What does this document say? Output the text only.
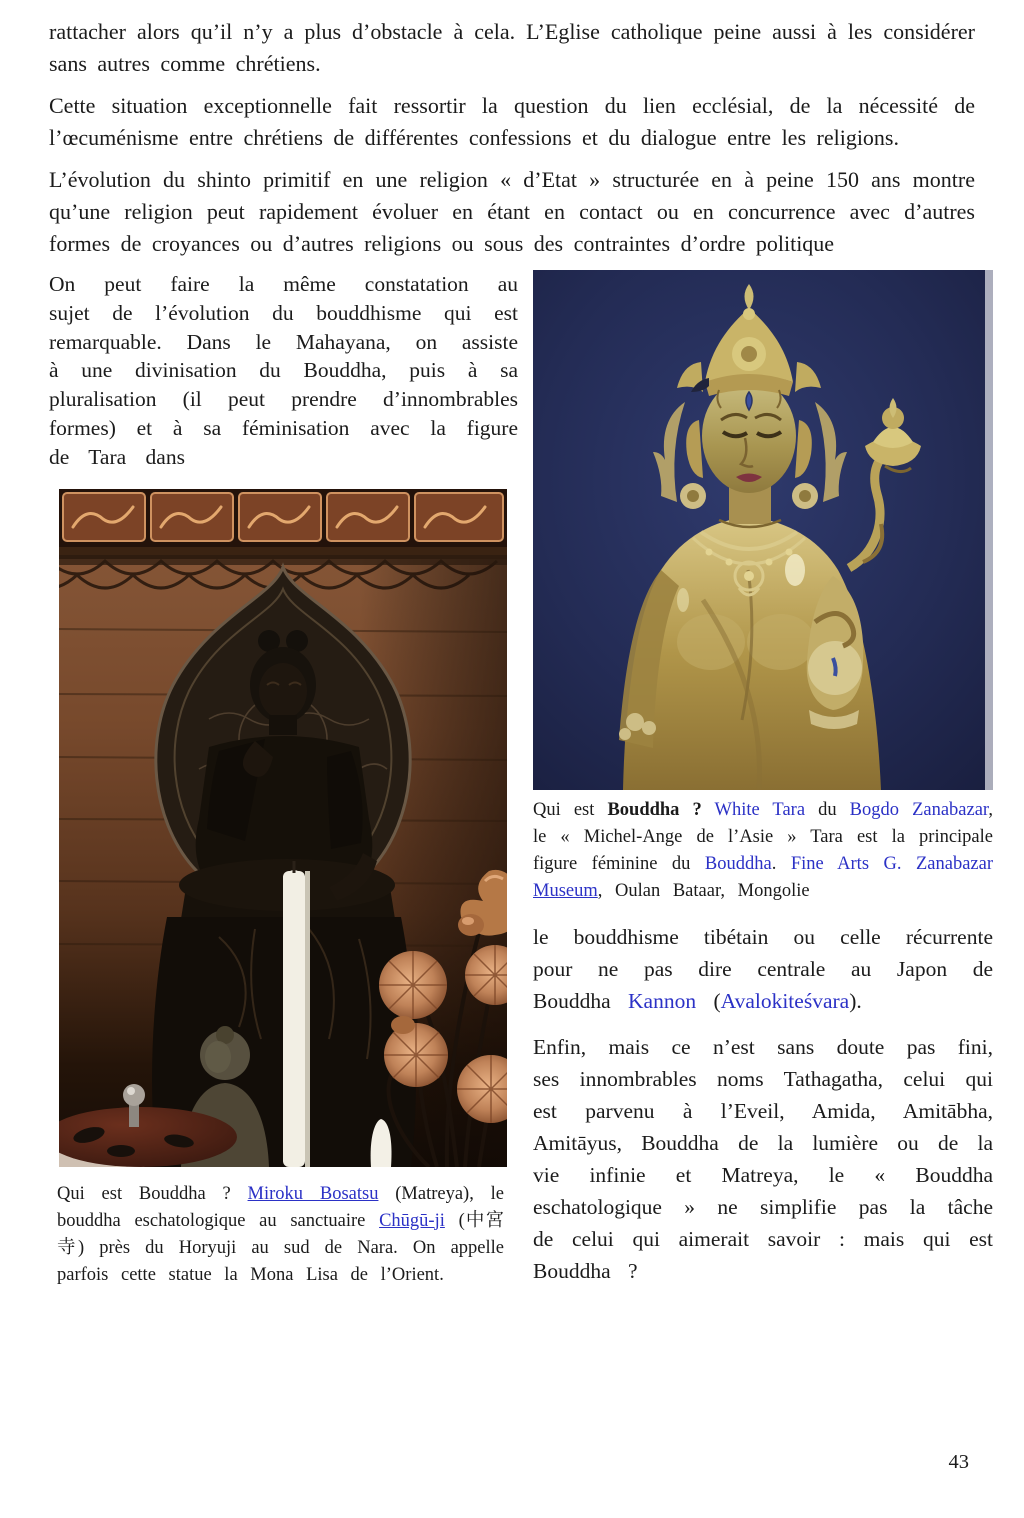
rattacher alors qu’il n’y a plus d’obstacle à cela. L’Eglise catholique peine aussi à les considérer sans autres comme chrétiens.

Cette situation exceptionnelle fait ressortir la question du lien ecclésial, de la nécessité de l’œcuménisme entre chrétiens de différentes confessions et du dialogue entre les religions.

L’évolution du shinto primitif en une religion « d’Etat » structurée en à peine 150 ans montre qu’une religion peut rapidement évoluer en étant en contact ou en concurrence avec d’autres formes de croyances ou d’autres religions ou sous des contraintes d’ordre politique

On peut faire la même constatation au sujet de l’évolution du bouddhisme qui est remarquable. Dans le Mahayana, on assiste à une divinisation du Bouddha, puis à sa pluralisation (il peut prendre d’innombrables formes) et à sa féminisation avec la figure de Tara dans

Qui est Bouddha ? Miroku Bosatsu (Matreya), le bouddha eschatologique au sanctuaire Chūgū-ji (中宮寺) près du Horyuji au sud de Nara. On appelle parfois cette statue la Mona Lisa de l’Orient.

Qui est Bouddha ? White Tara du Bogdo Zanabazar, le « Michel-Ange de l’Asie » Tara est la principale figure féminine du Bouddha. Fine Arts G. Zanabazar Museum, Oulan Bataar, Mongolie

le bouddhisme tibétain ou celle récurrente pour ne pas dire centrale au Japon de Bouddha Kannon (Avalokiteśvara).

Enfin, mais ce n’est sans doute pas fini, ses innombrables noms Tathagatha, celui qui est parvenu à l’Eveil, Amida, Amitābha, Amitāyus, Bouddha de la lumière ou de la vie infinie et Matreya, le « Bouddha eschatologique » ne simplifie pas la tâche de celui qui aimerait savoir : mais qui est Bouddha ?

43
